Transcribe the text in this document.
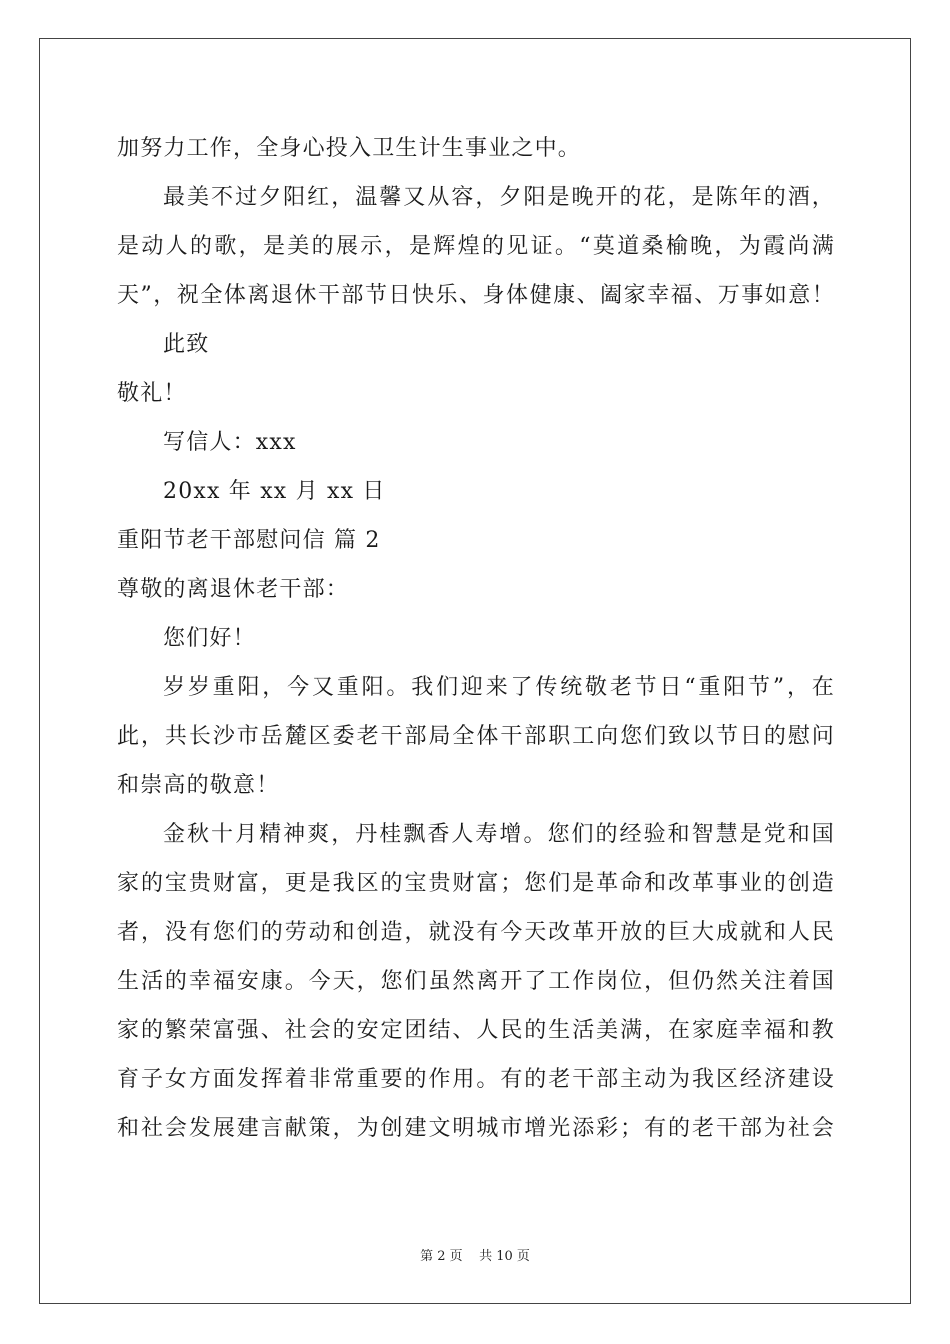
加努力工作，全身心投入卫生计生事业之中。
最美不过夕阳红，温馨又从容，夕阳是晚开的花，是陈年的酒，
是动人的歌，是美的展示，是辉煌的见证。“莫道桑榆晚，为霞尚满
天”，祝全体离退休干部节日快乐、身体健康、阖家幸福、万事如意！
此致
敬礼！
写信人：xxx
20xx 年 xx 月 xx 日
重阳节老干部慰问信 篇 2
尊敬的离退休老干部：
您们好！
岁岁重阳，今又重阳。我们迎来了传统敬老节日“重阳节”，在
此，共长沙市岳麓区委老干部局全体干部职工向您们致以节日的慰问
和崇高的敬意！
金秋十月精神爽，丹桂飘香人寿增。您们的经验和智慧是党和国
家的宝贵财富，更是我区的宝贵财富；您们是革命和改革事业的创造
者，没有您们的劳动和创造，就没有今天改革开放的巨大成就和人民
生活的幸福安康。今天，您们虽然离开了工作岗位，但仍然关注着国
家的繁荣富强、社会的安定团结、人民的生活美满，在家庭幸福和教
育子女方面发挥着非常重要的作用。有的老干部主动为我区经济建设
和社会发展建言献策，为创建文明城市增光添彩；有的老干部为社会
第 2 页    共 10 页
